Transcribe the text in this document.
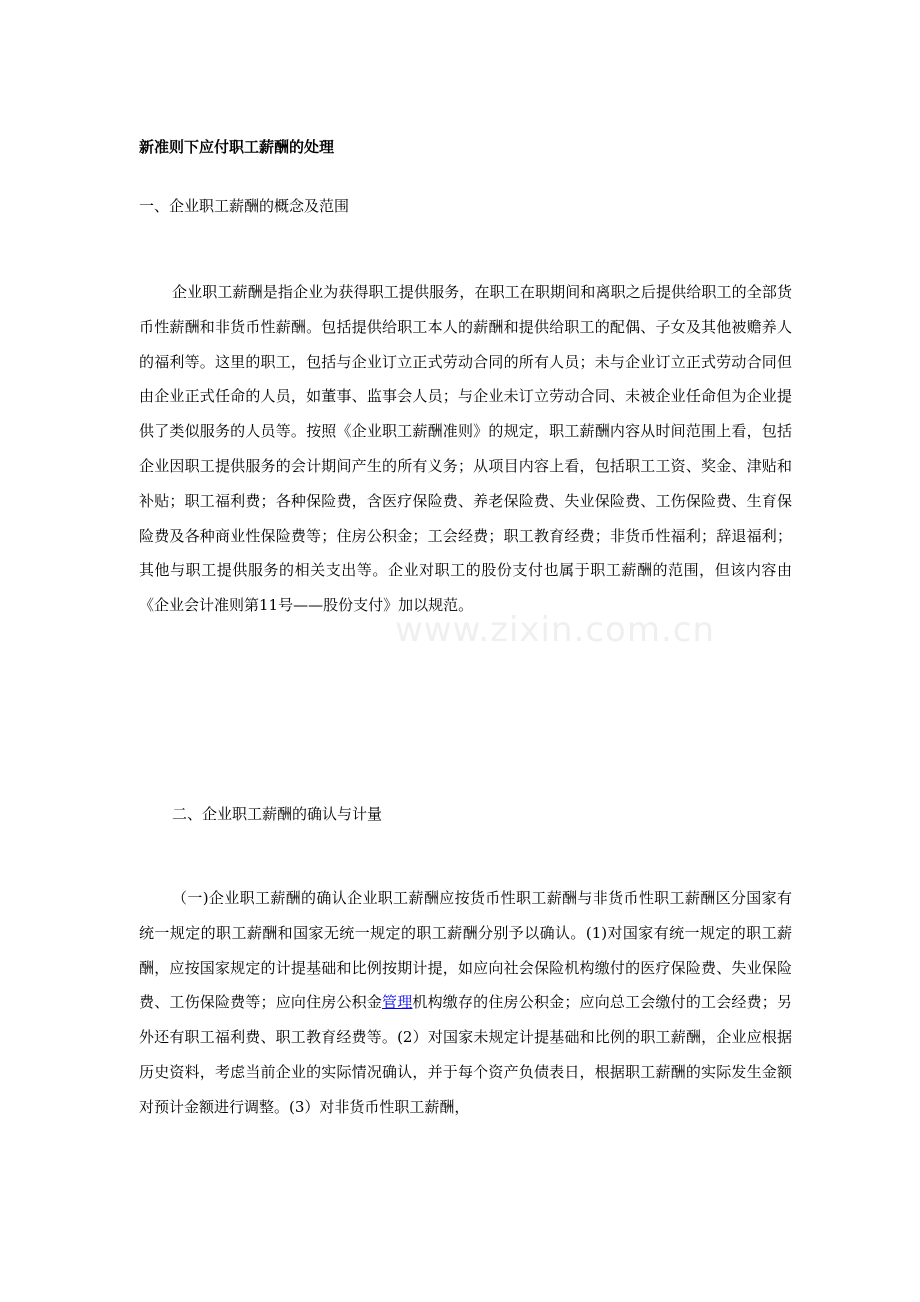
www.zixin.com.cn
新准则下应付职工薪酬的处理
一、企业职工薪酬的概念及范围
企业职工薪酬是指企业为获得职工提供服务，在职工在职期间和离职之后提供给职工的全部货币性薪酬和非货币性薪酬。包括提供给职工本人的薪酬和提供给职工的配偶、子女及其他被赡养人的福利等。这里的职工，包括与企业订立正式劳动合同的所有人员；未与企业订立正式劳动合同但由企业正式任命的人员，如董事、监事会人员；与企业未订立劳动合同、未被企业任命但为企业提供了类似服务的人员等。按照《企业职工薪酬准则》的规定，职工薪酬内容从时间范围上看，包括企业因职工提供服务的会计期间产生的所有义务；从项目内容上看，包括职工工资、奖金、津贴和补贴；职工福利费；各种保险费，含医疗保险费、养老保险费、失业保险费、工伤保险费、生育保险费及各种商业性保险费等；住房公积金；工会经费；职工教育经费；非货币性福利；辞退福利；其他与职工提供服务的相关支出等。企业对职工的股份支付也属于职工薪酬的范围，但该内容由《企业会计准则第11号——股份支付》加以规范。
二、企业职工薪酬的确认与计量
（一)企业职工薪酬的确认企业职工薪酬应按货币性职工薪酬与非货币性职工薪酬区分国家有统一规定的职工薪酬和国家无统一规定的职工薪酬分别予以确认。(1)对国家有统一规定的职工薪酬，应按国家规定的计提基础和比例按期计提，如应向社会保险机构缴付的医疗保险费、失业保险费、工伤保险费等；应向住房公积金管理机构缴存的住房公积金；应向总工会缴付的工会经费；另外还有职工福利费、职工教育经费等。(2）对国家未规定计提基础和比例的职工薪酬，企业应根据历史资料，考虑当前企业的实际情况确认，并于每个资产负债表日，根据职工薪酬的实际发生金额对预计金额进行调整。(3）对非货币性职工薪酬，
